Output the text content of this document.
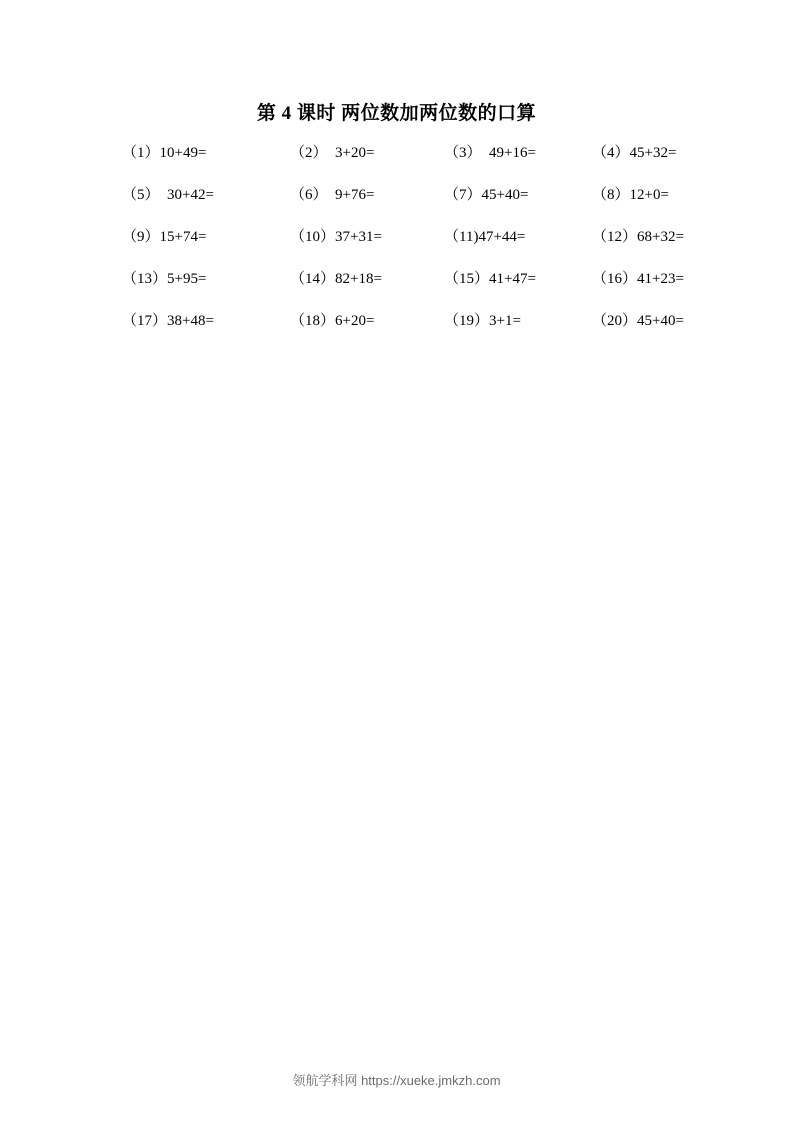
第 4 课时 两位数加两位数的口算
（1）10+49=	（2）  3+20=	（3）  49+16=	（4）45+32=
（5）  30+42=	（6）  9+76=	（7）45+40=	（8）12+0=
（9）15+74=	（10）37+31=	（11)47+44=	（12）68+32=
（13）5+95=	（14）82+18=	（15）41+47=	（16）41+23=
（17）38+48=	（18）6+20=	（19）3+1=	（20）45+40=
领航学科网 https://xueke.jmkzh.com
